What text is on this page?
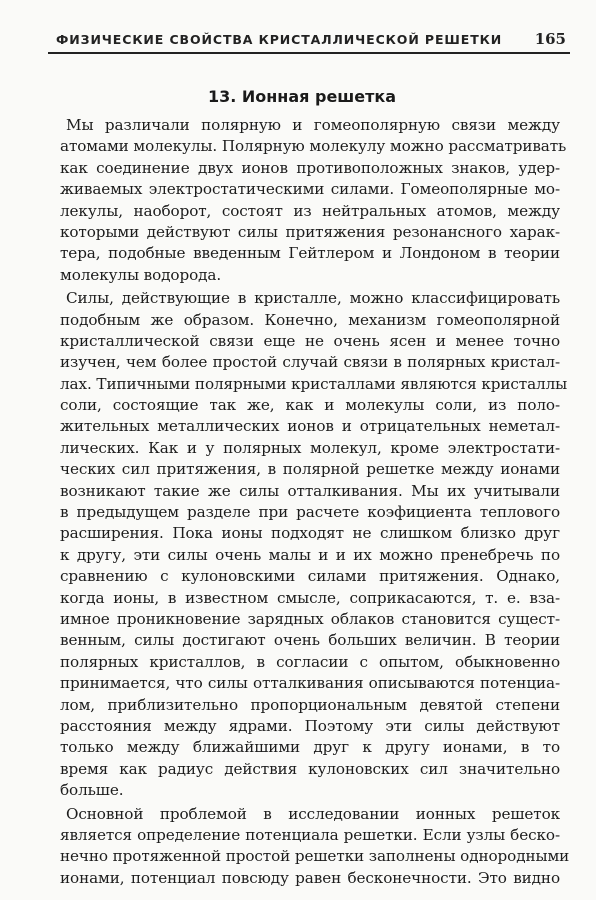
ФИЗИЧЕСКИЕ СВОЙСТВА КРИСТАЛЛИЧЕСКОЙ РЕШЕТКИ 165
13. Ионная решетка
Мы различали полярную и гомеополярную связи между
атомами молекулы. Полярную молекулу можно рассматривать
как соединение двух ионов противоположных знаков, удер-
живаемых электростатическими силами. Гомеополярные мо-
лекулы, наоборот, состоят из нейтральных атомов, между
которыми действуют силы притяжения резонансного харак-
тера, подобные введенным Гейтлером и Лондоном в теории
молекулы водорода.
Силы, действующие в кристалле, можно классифицировать
подобным же образом. Конечно, механизм гомеополярной
кристаллической связи еще не очень ясен и менее точно
изучен, чем более простой случай связи в полярных кристал-
лах. Типичными полярными кристаллами являются кристаллы
соли, состоящие так же, как и молекулы соли, из поло-
жительных металлических ионов и отрицательных неметал-
лических. Как и у полярных молекул, кроме электростати-
ческих сил притяжения, в полярной решетке между ионами
возникают такие же силы отталкивания. Мы их учитывали
в предыдущем разделе при расчете коэфициента теплового
расширения. Пока ионы подходят не слишком близко друг
к другу, эти силы очень малы и и их можно пренебречь по
сравнению с кулоновскими силами притяжения. Однако,
когда ионы, в известном смысле, соприкасаются, т. е. вза-
имное проникновение зарядных облаков становится сущест-
венным, силы достигают очень больших величин. В теории
полярных кристаллов, в согласии с опытом, обыкновенно
принимается, что силы отталкивания описываются потенциа-
лом, приблизительно пропорциональным девятой степени
расстояния между ядрами. Поэтому эти силы действуют
только между ближайшими друг к другу ионами, в то
время как радиус действия кулоновских сил значительно
больше.
Основной проблемой в исследовании ионных решеток
является определение потенциала решетки. Если узлы беско-
нечно протяженной простой решетки заполнены однородными
ионами, потенциал повсюду равен бесконечности. Это видно
